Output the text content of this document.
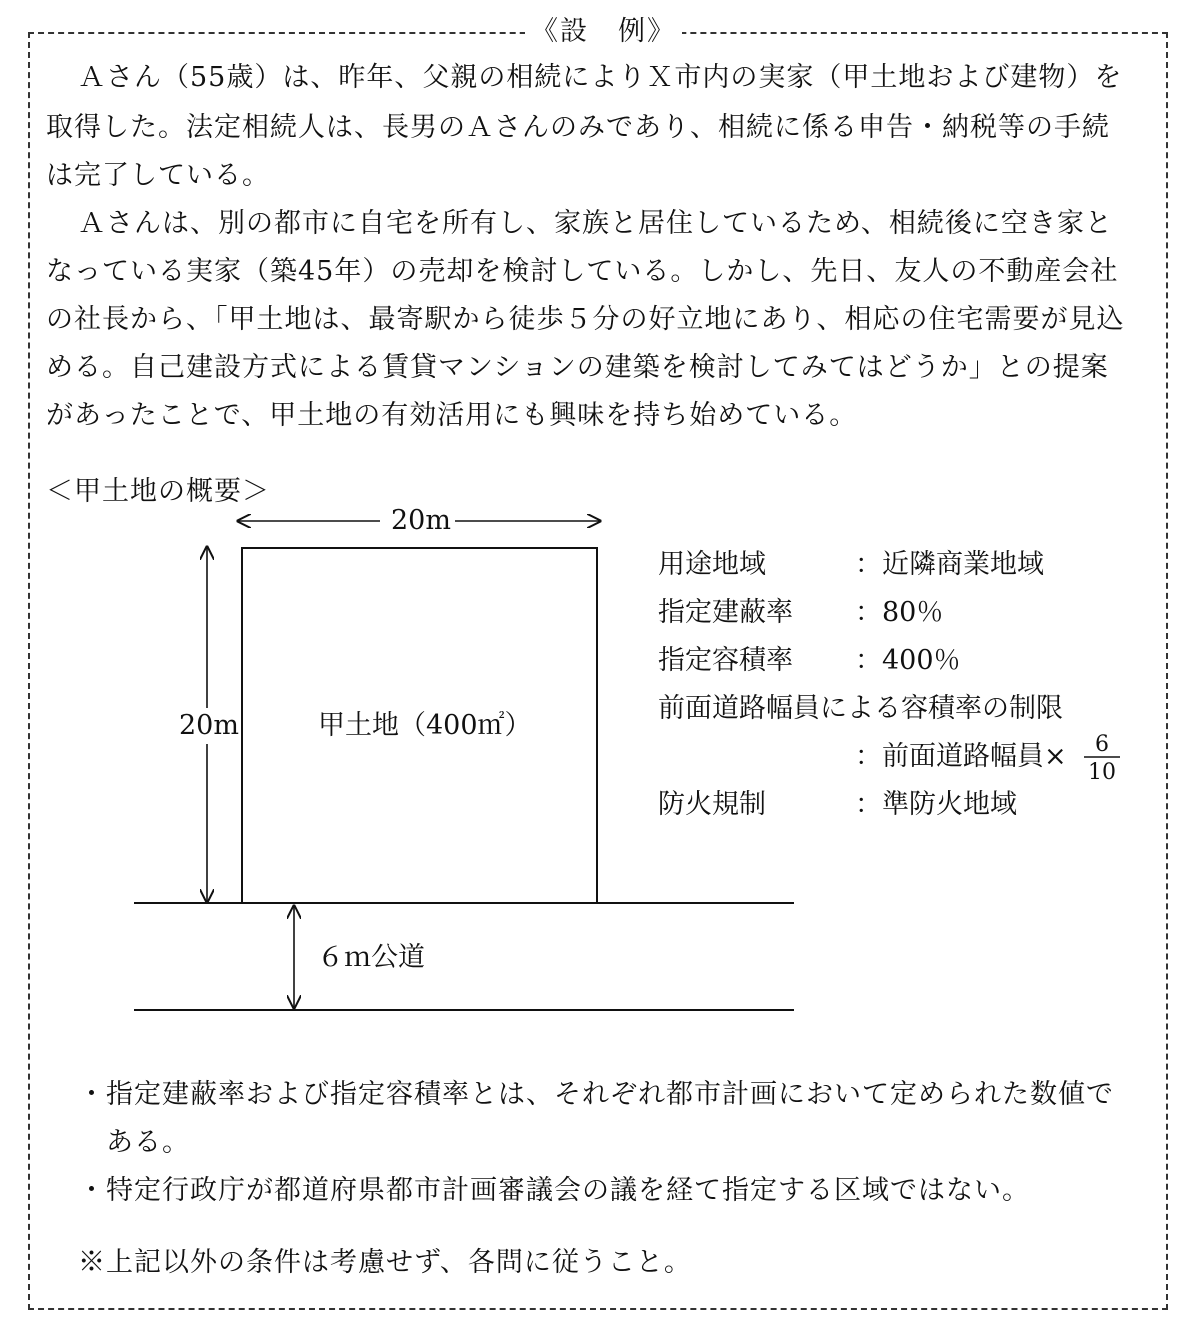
《設　例》
Ａさん（55歳）は、昨年、父親の相続によりＸ市内の実家（甲土地および建物）を
取得した。法定相続人は、長男のＡさんのみであり、相続に係る申告・納税等の手続
は完了している。
Ａさんは、別の都市に自宅を所有し、家族と居住しているため、相続後に空き家と
なっている実家（築45年）の売却を検討している。しかし、先日、友人の不動産会社
の社長から、「甲土地は、最寄駅から徒歩５分の好立地にあり、相応の住宅需要が見込
める。自己建設方式による賃貸マンションの建築を検討してみてはどうか」との提案
があったことで、甲土地の有効活用にも興味を持ち始めている。
＜甲土地の概要＞
20m
20m	甲土地（400㎡）
６ｍ公道
用途地域	：近隣商業地域
指定建蔽率 ：80％
指定容積率 ：400％
前面道路幅員による容積率の制限
：前面道路幅員×	6
10
防火規制	：準防火地域
・指定建蔽率および指定容積率とは、それぞれ都市計画において定められた数値で
　ある。
・特定行政庁が都道府県都市計画審議会の議を経て指定する区域ではない。
※上記以外の条件は考慮せず、各問に従うこと。
